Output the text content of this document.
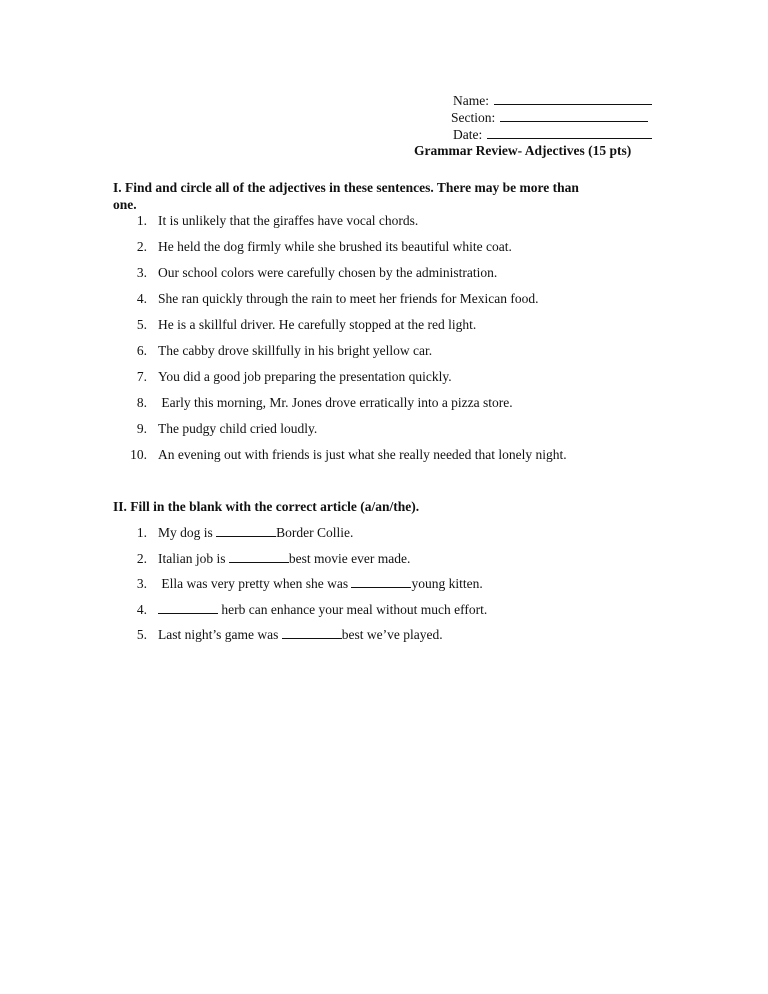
Name:
Section:
Date:
Grammar Review- Adjectives (15 pts)
I. Find and circle all of the adjectives in these sentences. There may be more than
one.
1. It is unlikely that the giraffes have vocal chords.
2. He held the dog firmly while she brushed its beautiful white coat.
3. Our school colors were carefully chosen by the administration.
4. She ran quickly through the rain to meet her friends for Mexican food.
5. He is a skillful driver. He carefully stopped at the red light.
6. The cabby drove skillfully in his bright yellow car.
7. You did a good job preparing the presentation quickly.
8. Early this morning, Mr. Jones drove erratically into a pizza store.
9. The pudgy child cried loudly.
10. An evening out with friends is just what she really needed that lonely night.
II. Fill in the blank with the correct article (a/an/the).
1. My dog is	Border Collie.
2. Italian job is	best movie ever made.
3. Ella was very pretty when she was	young kitten.
4.	herb can enhance your meal without much effort.
5. Last night’s game was	best we’ve played.
